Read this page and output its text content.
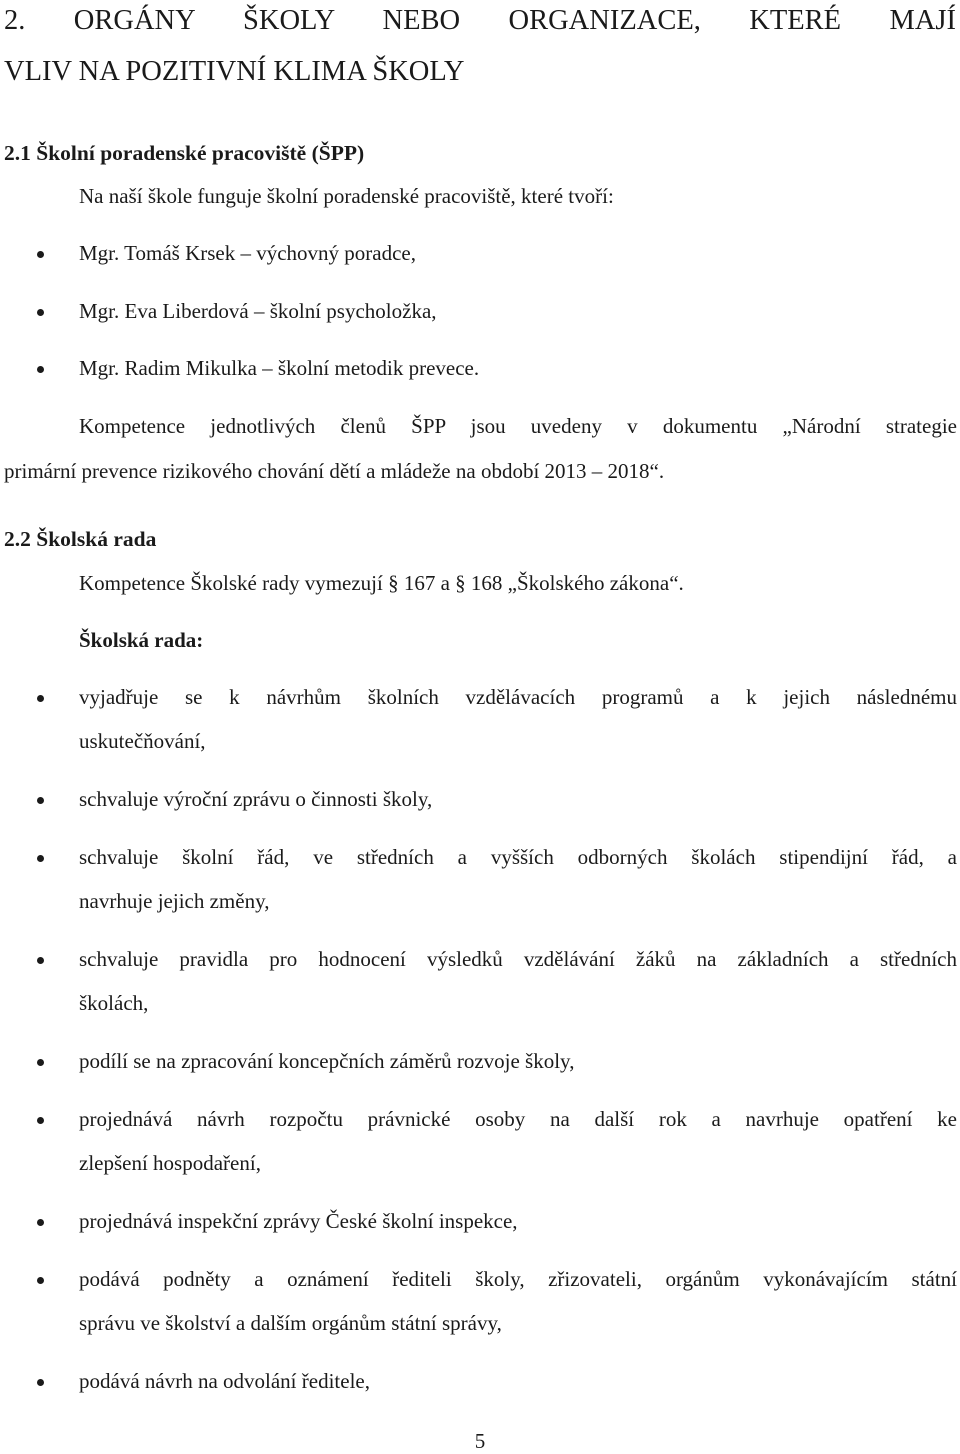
2. ORGÁNY ŠKOLY NEBO ORGANIZACE, KTERÉ MAJÍ
VLIV NA POZITIVNÍ KLIMA ŠKOLY
2.1 Školní poradenské pracoviště (ŠPP)
Na naší škole funguje školní poradenské pracoviště, které tvoří:
Mgr. Tomáš Krsek – výchovný poradce,
Mgr. Eva Liberdová – školní psycholožka,
Mgr. Radim Mikulka – školní metodik prevece.
Kompetence jednotlivých členů ŠPP jsou uvedeny v dokumentu „Národní strategie
primární prevence rizikového chování dětí a mládeže na období 2013 – 2018“.
2.2 Školská rada
Kompetence Školské rady vymezují § 167 a § 168 „Školského zákona“.
Školská rada:
vyjadřuje se k návrhům školních vzdělávacích programů a k jejich následnému
uskutečňování,
schvaluje výroční zprávu o činnosti školy,
schvaluje školní řád, ve středních a vyšších odborných školách stipendijní řád, a
navrhuje jejich změny,
schvaluje pravidla pro hodnocení výsledků vzdělávání žáků na základních a středních
školách,
podílí se na zpracování koncepčních záměrů rozvoje školy,
projednává návrh rozpočtu právnické osoby na další rok a navrhuje opatření ke
zlepšení hospodaření,
projednává inspekční zprávy České školní inspekce,
podává podněty a oznámení řediteli školy, zřizovateli, orgánům vykonávajícím státní
správu ve školství a dalším orgánům státní správy,
podává návrh na odvolání ředitele,
5
